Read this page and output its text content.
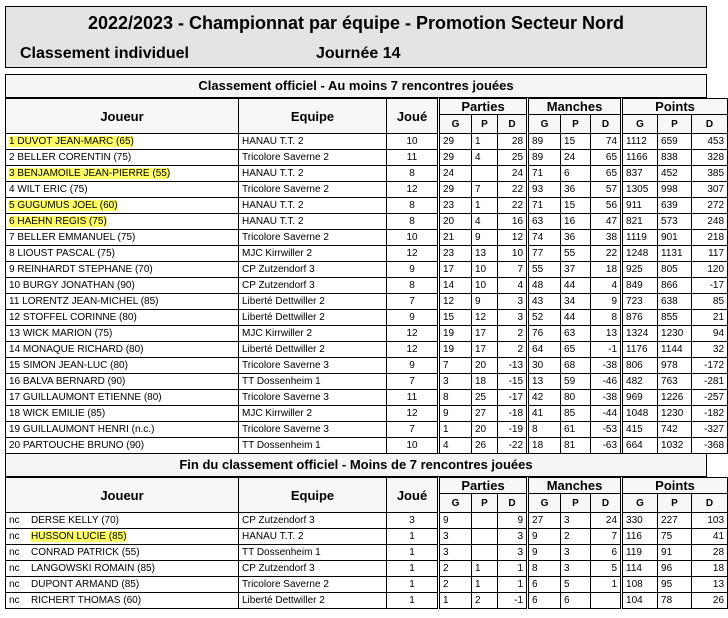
2022/2023 - Championnat par équipe - Promotion Secteur Nord
Classement individuel	Journée 14
Classement officiel - Au moins 7 rencontres jouées
Joueur	Equipe	Joué	Parties			Manches			Points		
			G	P	D	G	P	D	G	P	D
1 DUVOT JEAN-MARC (65)	HANAU T.T. 2	10	29	1	28	89	15	74	1112	659	453
2 BELLER CORENTIN (75)	Tricolore Saverne 2	11	29	4	25	89	24	65	1166	838	328
3 BENJAMOILE JEAN-PIERRE (55)	HANAU T.T. 2	8	24		24	71	6	65	837	452	385
4 WILT ERIC (75)	Tricolore Saverne 2	12	29	7	22	93	36	57	1305	998	307
5 GUGUMUS JOEL (60)	HANAU T.T. 2	8	23	1	22	71	15	56	911	639	272
6 HAEHN REGIS (75)	HANAU T.T. 2	8	20	4	16	63	16	47	821	573	248
7 BELLER EMMANUEL (75)	Tricolore Saverne 2	10	21	9	12	74	36	38	1119	901	218
8 LIOUST PASCAL (75)	MJC Kirrwiller 2	12	23	13	10	77	55	22	1248	1131	117
9 REINHARDT STEPHANE (70)	CP Zutzendorf 3	9	17	10	7	55	37	18	925	805	120
10 BURGY JONATHAN (90)	CP Zutzendorf 3	8	14	10	4	48	44	4	849	866	-17
11 LORENTZ JEAN-MICHEL (85)	Liberté Dettwiller 2	7	12	9	3	43	34	9	723	638	85
12 STOFFEL CORINNE (80)	Liberté Dettwiller 2	9	15	12	3	52	44	8	876	855	21
13 WICK MARION (75)	MJC Kirrwiller 2	12	19	17	2	76	63	13	1324	1230	94
14 MONAQUE RICHARD (80)	Liberté Dettwiller 2	12	19	17	2	64	65	-1	1176	1144	32
15 SIMON JEAN-LUC (80)	Tricolore Saverne 3	9	7	20	-13	30	68	-38	806	978	-172
16 BALVA BERNARD (90)	TT Dossenheim 1	7	3	18	-15	13	59	-46	482	763	-281
17 GUILLAUMONT ETIENNE (80)	Tricolore Saverne 3	11	8	25	-17	42	80	-38	969	1226	-257
18 WICK EMILIE (85)	MJC Kirrwiller 2	12	9	27	-18	41	85	-44	1048	1230	-182
19 GUILLAUMONT HENRI (n.c.)	Tricolore Saverne 3	7	1	20	-19	8	61	-53	415	742	-327
20 PARTOUCHE BRUNO (90)	TT Dossenheim 1	10	4	26	-22	18	81	-63	664	1032	-368
Fin du classement officiel - Moins de 7 rencontres jouées
Joueur	Equipe	Joué	Parties			Manches			Points		
			G	P	D	G	P	D	G	P	D
nc DERSE KELLY (70)	CP Zutzendorf 3	3	9		9	27	3	24	330	227	103
nc HUSSON LUCIE (85)	HANAU T.T. 2	1	3		3	9	2	7	116	75	41
nc CONRAD PATRICK (55)	TT Dossenheim 1	1	3		3	9	3	6	119	91	28
nc LANGOWSKI ROMAIN (85)	CP Zutzendorf 3	1	2	1	1	8	3	5	114	96	18
nc DUPONT ARMAND (85)	Tricolore Saverne 2	1	2	1	1	6	5	1	108	95	13
nc RICHERT THOMAS (60)	Liberté Dettwiller 2	1	1	2	-1	6	6		104	78	26
